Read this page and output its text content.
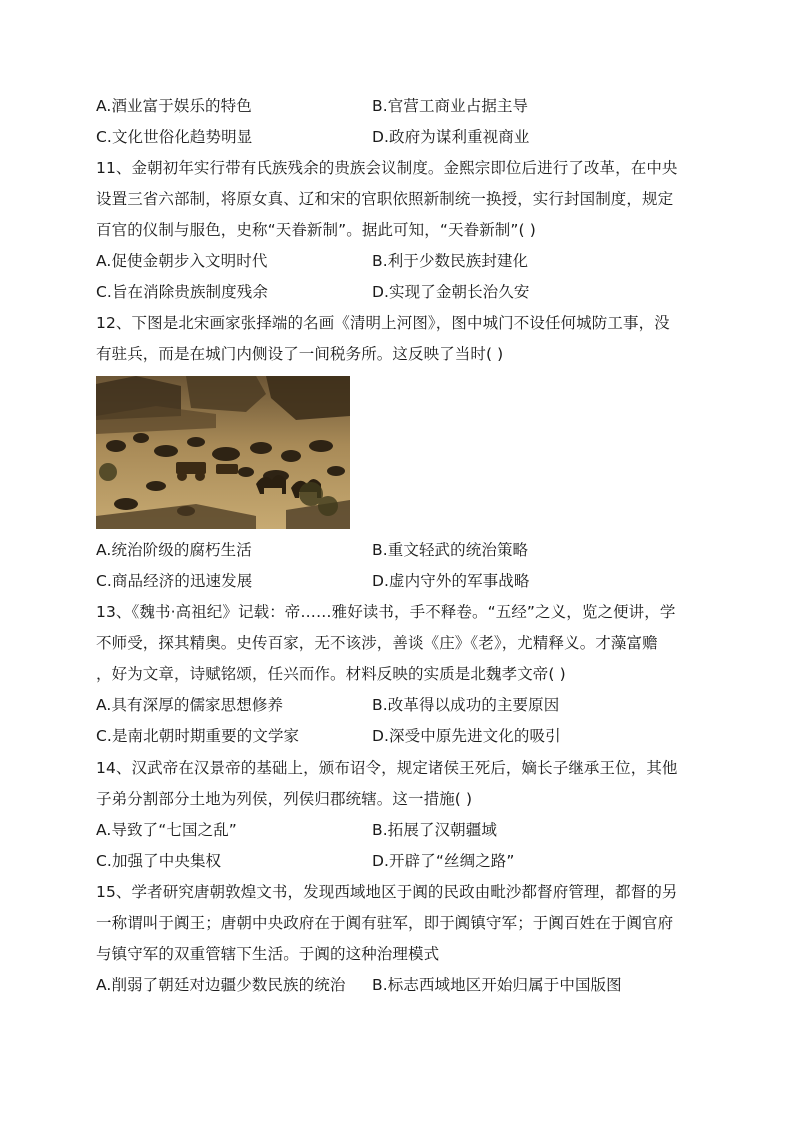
A.酒业富于娱乐的特色	B.官营工商业占据主导
C.文化世俗化趋势明显	D.政府为谋利重视商业
11、金朝初年实行带有氏族残余的贵族会议制度。金熙宗即位后进行了改革，在中央
设置三省六部制，将原女真、辽和宋的官职依照新制统一换授，实行封国制度，规定
百官的仪制与服色，史称“天眷新制”。据此可知，“天眷新制”( )
A.促使金朝步入文明时代	B.利于少数民族封建化
C.旨在消除贵族制度残余	D.实现了金朝长治久安
12、下图是北宋画家张择端的名画《清明上河图》，图中城门不设任何城防工事，没
有驻兵，而是在城门内侧设了一间税务所。这反映了当时( )
A.统治阶级的腐朽生活	B.重文轻武的统治策略
C.商品经济的迅速发展	D.虚内守外的军事战略
13、《魏书·高祖纪》记载：帝……雅好读书，手不释卷。“五经”之义，览之便讲，学
不师受，探其精奥。史传百家，无不该涉，善谈《庄》《老》，尤精释义。才藻富赡
，好为文章，诗赋铭颂，任兴而作。材料反映的实质是北魏孝文帝( )
A.具有深厚的儒家思想修养	B.改革得以成功的主要原因
C.是南北朝时期重要的文学家	D.深受中原先进文化的吸引
14、汉武帝在汉景帝的基础上，颁布诏令，规定诸侯王死后，嫡长子继承王位，其他
子弟分割部分土地为列侯，列侯归郡统辖。这一措施( )
A.导致了“七国之乱”	B.拓展了汉朝疆域
C.加强了中央集权	D.开辟了“丝绸之路”
15、学者研究唐朝敦煌文书，发现西域地区于阗的民政由毗沙都督府管理，都督的另
一称谓叫于阗王；唐朝中央政府在于阗有驻军，即于阗镇守军；于阗百姓在于阗官府
与镇守军的双重管辖下生活。于阗的这种治理模式
A.削弱了朝廷对边疆少数民族的统治 B.标志西域地区开始归属于中国版图
